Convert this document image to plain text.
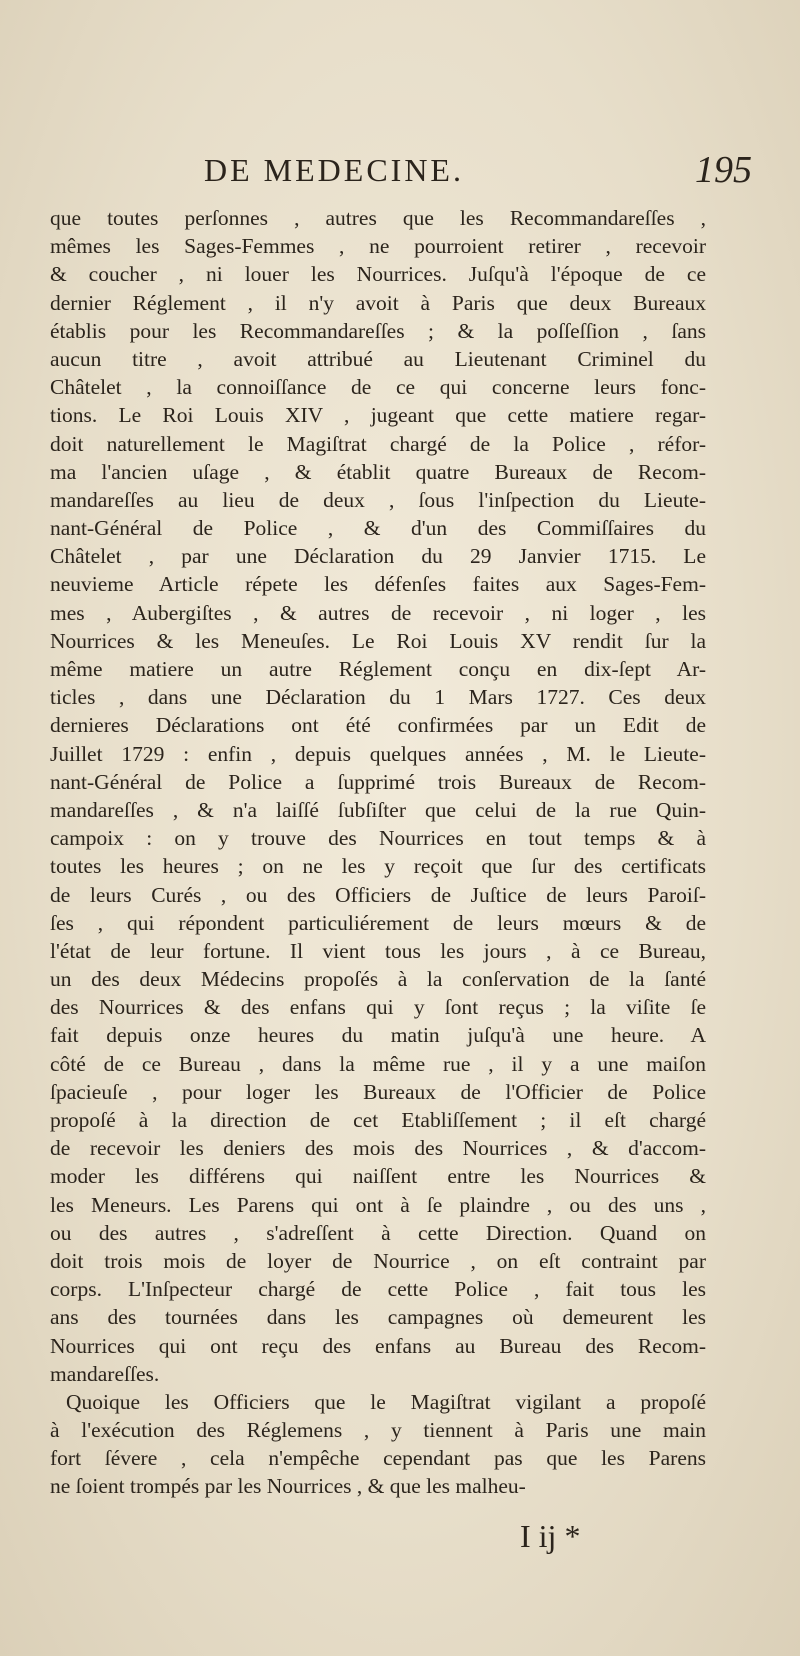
DE MEDECINE.	195
que toutes perſonnes , autres que les Recommandareſſes ,
mêmes les Sages-Femmes , ne pourroient retirer , recevoir
& coucher , ni louer les Nourrices. Juſqu'à l'époque de ce
dernier Réglement , il n'y avoit à Paris que deux Bureaux
établis pour les Recommandareſſes ; & la poſſeſſion , ſans
aucun titre , avoit attribué au Lieutenant Criminel du
Châtelet , la connoiſſance de ce qui concerne leurs fonc-
tions. Le Roi Louis XIV , jugeant que cette matiere regar-
doit naturellement le Magiſtrat chargé de la Police , réfor-
ma l'ancien uſage , & établit quatre Bureaux de Recom-
mandareſſes au lieu de deux , ſous l'inſpection du Lieute-
nant-Général de Police , & d'un des Commiſſaires du
Châtelet , par une Déclaration du 29 Janvier 1715. Le
neuvieme Article répete les défenſes faites aux Sages-Fem-
mes , Aubergiſtes , & autres de recevoir , ni loger , les
Nourrices & les Meneuſes. Le Roi Louis XV rendit ſur la
même matiere un autre Réglement conçu en dix-ſept Ar-
ticles , dans une Déclaration du 1 Mars 1727. Ces deux
dernieres Déclarations ont été confirmées par un Edit de
Juillet 1729 : enfin , depuis quelques années , M. le Lieute-
nant-Général de Police a ſupprimé trois Bureaux de Recom-
mandareſſes , & n'a laiſſé ſubſiſter que celui de la rue Quin-
campoix : on y trouve des Nourrices en tout temps & à
toutes les heures ; on ne les y reçoit que ſur des certificats
de leurs Curés , ou des Officiers de Juſtice de leurs Paroiſ-
ſes , qui répondent particuliérement de leurs mœurs & de
l'état de leur fortune. Il vient tous les jours , à ce Bureau,
un des deux Médecins propoſés à la conſervation de la ſanté
des Nourrices & des enfans qui y ſont reçus ; la viſite ſe
fait depuis onze heures du matin juſqu'à une heure. A
côté de ce Bureau , dans la même rue , il y a une maiſon
ſpacieuſe , pour loger les Bureaux de l'Officier de Police
propoſé à la direction de cet Etabliſſement ; il eſt chargé
de recevoir les deniers des mois des Nourrices , & d'accom-
moder les différens qui naiſſent entre les Nourrices &
les Meneurs. Les Parens qui ont à ſe plaindre , ou des uns ,
ou des autres , s'adreſſent à cette Direction. Quand on
doit trois mois de loyer de Nourrice , on eſt contraint par
corps. L'Inſpecteur chargé de cette Police , fait tous les
ans des tournées dans les campagnes où demeurent les
Nourrices qui ont reçu des enfans au Bureau des Recom-
mandareſſes.
Quoique les Officiers que le Magiſtrat vigilant a propoſé
à l'exécution des Réglemens , y tiennent à Paris une main
fort ſévere , cela n'empêche cependant pas que les Parens
ne ſoient trompés par les Nourrices , & que les malheu-
I ij *
